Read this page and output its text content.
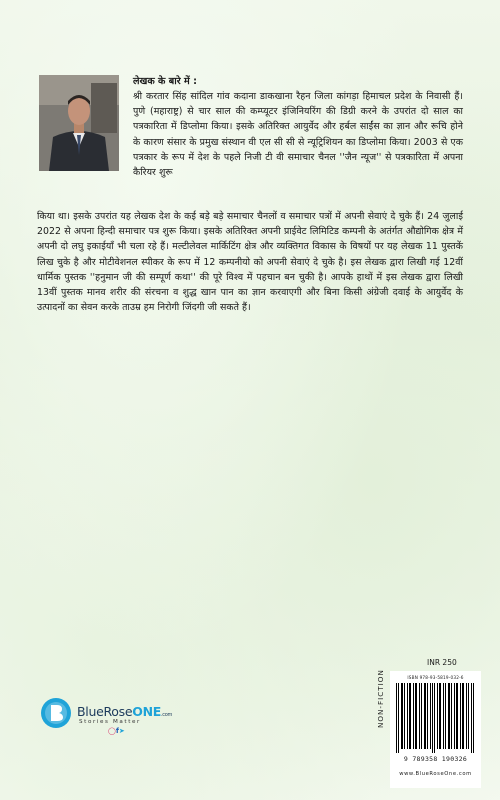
लेखक के बारे में :
श्री करतार सिंह सांदिल गांव कदाना डाकखाना रैहन जिला कांगड़ा हिमाचल प्रदेश के निवासी हैं। पुणे (महाराष्ट्र) से चार साल की कम्प्यूटर इंजिनियरिंग की डिग्री करने के उपरांत दो साल का पत्रकारिता में डिप्लोमा किया। इसके अतिरिक्त आयुर्वेद और हर्बल साईंस का ज्ञान और रूचि होने के कारण संसार के प्रमुख संस्थान वी एल सी सी से न्यूट्रिशियन का डिप्लोमा किया। 2003 से एक पत्रकार के रूप में देश के पहले निजी टी वी समाचार चैनल ''जैन न्यूज'' से पत्रकारिता में अपना कैरियर शुरू
किया था। इसके उपरांत यह लेखक देश के कई बड़े बड़े समाचार चैनलों व समाचार पत्रों में अपनी सेवाएं दे चुके हैं। 24 जुलाई 2022 से अपना हिन्दी समाचार पत्र शुरू किया। इसके अतिरिक्त अपनी प्राईवेट लिमिटिड कम्पनी के अतंर्गत औद्योगिक क्षेत्र में अपनी दो लघु इकाईयाँ भी चला रहे हैं। मल्टीलेवल मार्किटिंग क्षेत्र और व्यक्तिगत विकास के विषयों पर यह लेखक 11 पुस्तकें लिख चुके है और मोटीवेशनल स्पीकर के रूप में 12 कम्पनीयो को अपनी सेवाएं दे चुके है। इस लेखक द्वारा लिखी गई 12वीं धार्मिक पुस्तक ''हनुमान जी की सम्पूर्ण कथा'' की पूरे विश्व में पहचान बन चुकी है। आपके हाथों में इस लेखक द्वारा लिखी 13वीं पुस्तक मानव शरीर की संरचना व शुद्ध खान पान का ज्ञान करवाएगी और बिना किसी अंग्रेजी दवाई के आयुर्वेद के उत्पादनों का सेवन करके ताउम्र हम निरोगी जिंदगी जी सकते हैं।
BlueRoseONE.com
Stories Matter
◯f➤
NON-FICTION
INR 250
ISBN 978-93-5819-032-6
9 789358 190326
www.BlueRoseOne.com
